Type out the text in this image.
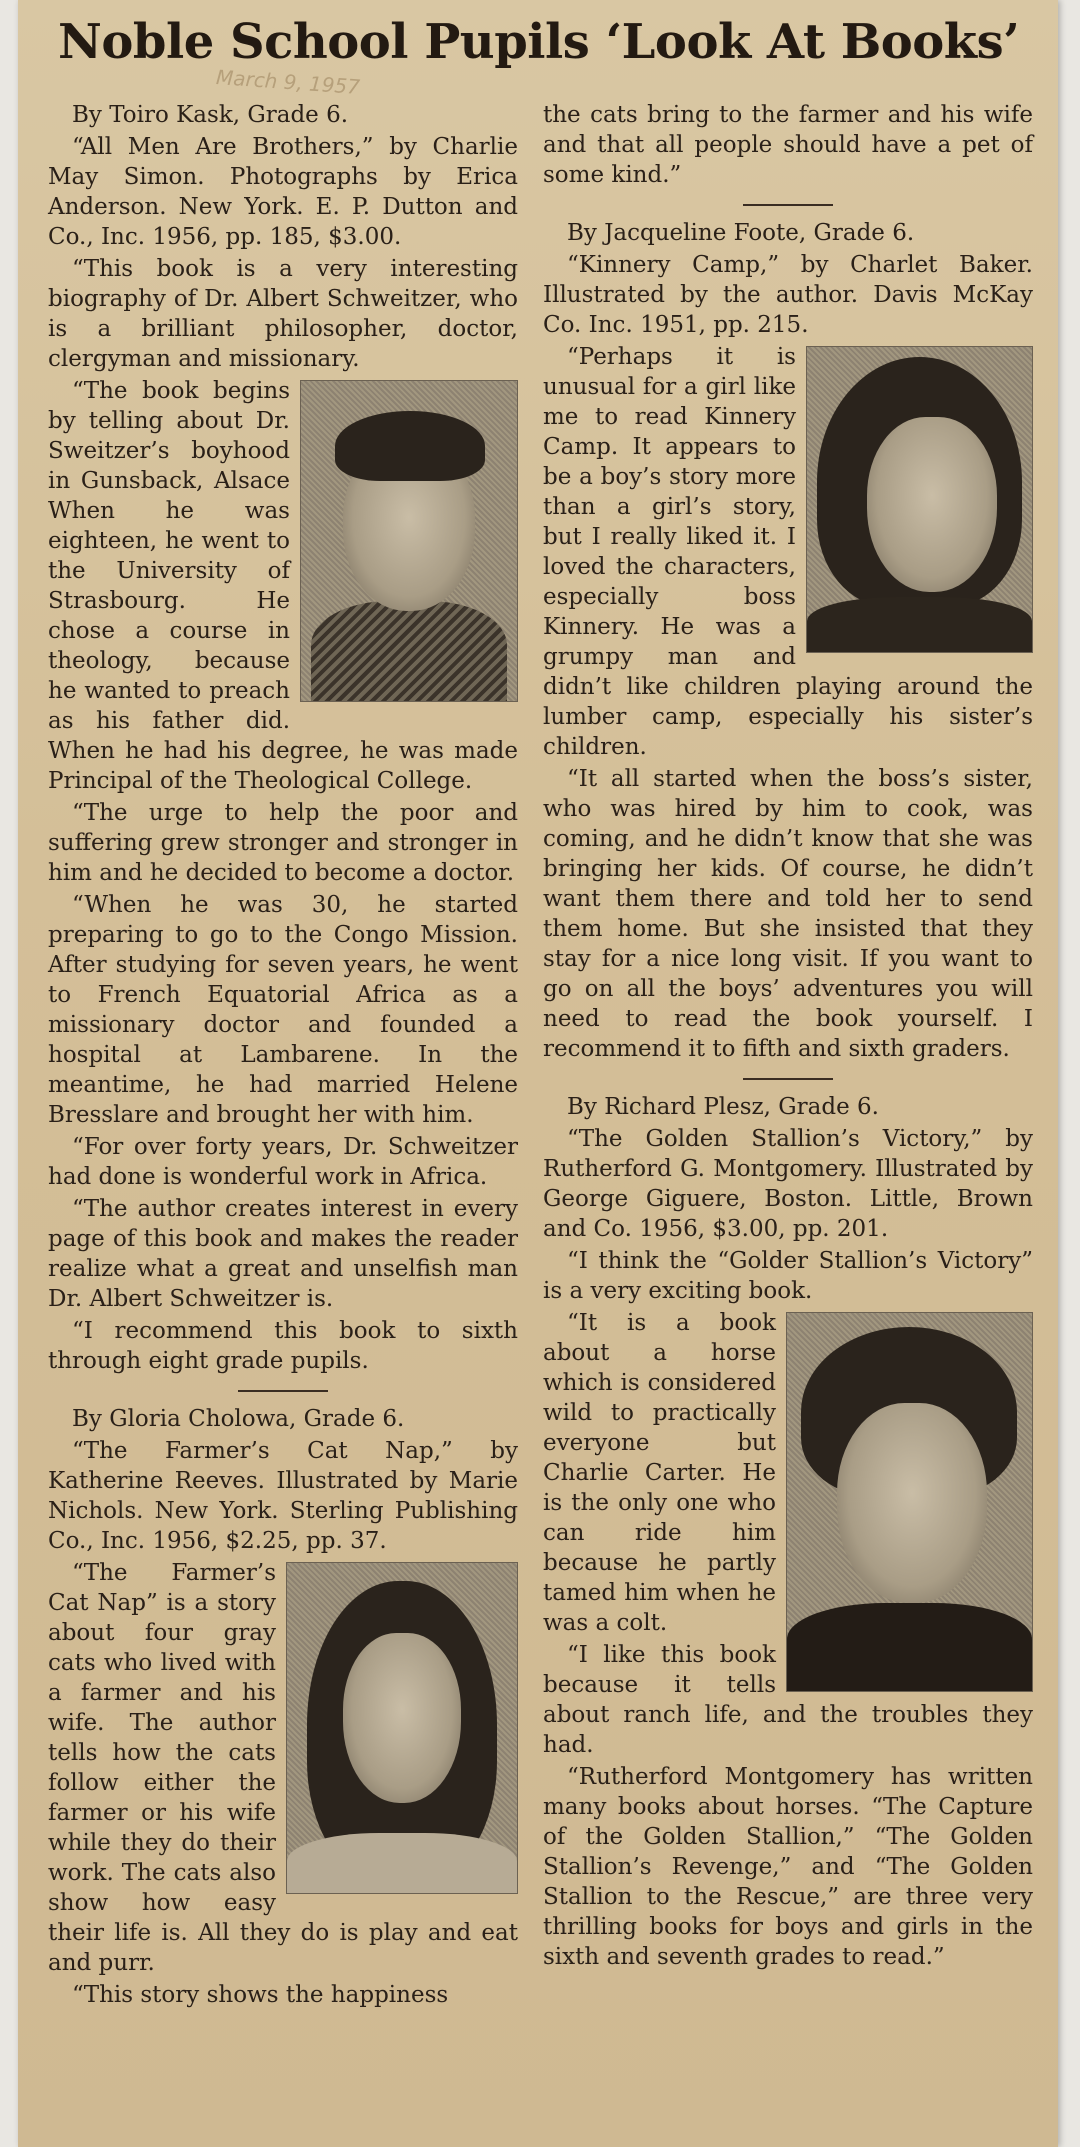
Noble School Pupils ‘Look At Books’
March 9, 1957

By Toiro Kask, Grade 6.

“All Men Are Brothers,” by Charlie May Simon. Photographs by Erica Anderson. New York. E. P. Dutton and Co., Inc. 1956, pp. 185, $3.00.

“This book is a very interesting biography of Dr. Albert Schweitzer, who is a brilliant philosopher, doctor, clergyman and missionary.

“The book begins by telling about Dr. Sweitzer’s boyhood in Gunsback, Alsace When he was eighteen, he went to the University of Strasbourg. He chose a course in theology, because he wanted to preach as his father did. When he had his degree, he was made Principal of the Theological College.

“The urge to help the poor and suffering grew stronger and stronger in him and he decided to become a doctor.

“When he was 30, he started preparing to go to the Congo Mission. After studying for seven years, he went to French Equatorial Africa as a missionary doctor and founded a hospital at Lambarene. In the meantime, he had married Helene Bresslare and brought her with him.

“For over forty years, Dr. Schweitzer had done is wonderful work in Africa.

“The author creates interest in every page of this book and makes the reader realize what a great and unselfish man Dr. Albert Schweitzer is.

“I recommend this book to sixth through eight grade pupils.

By Gloria Cholowa, Grade 6.

“The Farmer’s Cat Nap,” by Katherine Reeves. Illustrated by Marie Nichols. New York. Sterling Publishing Co., Inc. 1956, $2.25, pp. 37.

“The Farmer’s Cat Nap” is a story about four gray cats who lived with a farmer and his wife. The author tells how the cats follow either the farmer or his wife while they do their work. The cats also show how easy their life is. All they do is play and eat and purr.

“This story shows the happiness

the cats bring to the farmer and his wife and that all people should have a pet of some kind.”

By Jacqueline Foote, Grade 6.

“Kinnery Camp,” by Charlet Baker. Illustrated by the author. Davis McKay Co. Inc. 1951, pp. 215.

“Perhaps it is unusual for a girl like me to read Kinnery Camp. It appears to be a boy’s story more than a girl’s story, but I really liked it. I loved the characters, especially boss Kinnery. He was a grumpy man and didn’t like children playing around the lumber camp, especially his sister’s children.

“It all started when the boss’s sister, who was hired by him to cook, was coming, and he didn’t know that she was bringing her kids. Of course, he didn’t want them there and told her to send them home. But she insisted that they stay for a nice long visit. If you want to go on all the boys’ adventures you will need to read the book yourself. I recommend it to fifth and sixth graders.

By Richard Plesz, Grade 6.

“The Golden Stallion’s Victory,” by Rutherford G. Montgomery. Illustrated by George Giguere, Boston. Little, Brown and Co. 1956, $3.00, pp. 201.

“I think the “Golder Stallion’s Victory” is a very exciting book.

“It is a book about a horse which is considered wild to practically everyone but Charlie Carter. He is the only one who can ride him because he partly tamed him when he was a colt.

“I like this book because it tells about ranch life, and the troubles they had.

“Rutherford Montgomery has written many books about horses. “The Capture of the Golden Stallion,” “The Golden Stallion’s Revenge,” and “The Golden Stallion to the Rescue,” are three very thrilling books for boys and girls in the sixth and seventh grades to read.”
